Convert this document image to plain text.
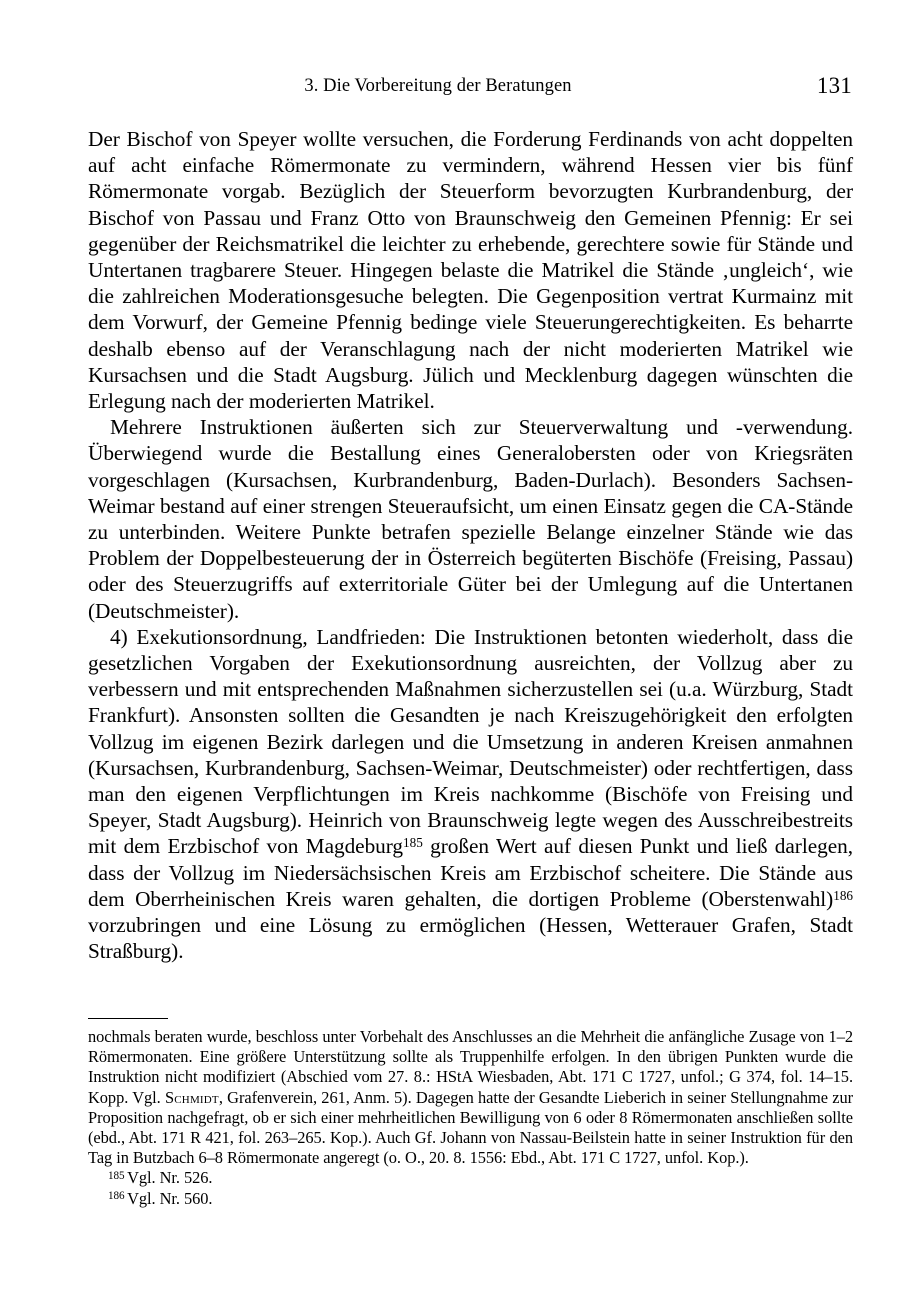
3. Die Vorbereitung der Beratungen	131

Der Bischof von Speyer wollte versuchen, die Forderung Ferdinands von acht doppelten auf acht einfache Römermonate zu vermindern, während Hessen vier bis fünf Römermonate vorgab. Bezüglich der Steuerform bevorzugten Kurbrandenburg, der Bischof von Passau und Franz Otto von Braunschweig den Gemeinen Pfennig: Er sei gegenüber der Reichsmatrikel die leichter zu erhebende, gerechtere sowie für Stände und Untertanen tragbarere Steuer. Hingegen belaste die Matrikel die Stände ‚ungleich‘, wie die zahlreichen Moderationsgesuche belegten. Die Gegenposition vertrat Kurmainz mit dem Vorwurf, der Gemeine Pfennig bedinge viele Steuerungerechtigkeiten. Es beharrte deshalb ebenso auf der Veranschlagung nach der nicht moderierten Matrikel wie Kursachsen und die Stadt Augsburg. Jülich und Mecklenburg dagegen wünschten die Erlegung nach der moderierten Matrikel.

Mehrere Instruktionen äußerten sich zur Steuerverwaltung und -verwendung. Überwiegend wurde die Bestallung eines Generalobersten oder von Kriegsräten vorgeschlagen (Kursachsen, Kurbrandenburg, Baden-Durlach). Besonders Sachsen-Weimar bestand auf einer strengen Steueraufsicht, um einen Einsatz gegen die CA-Stände zu unterbinden. Weitere Punkte betrafen spezielle Belange einzelner Stände wie das Problem der Doppelbesteuerung der in Österreich begüterten Bischöfe (Freising, Passau) oder des Steuerzugriffs auf exterritoriale Güter bei der Umlegung auf die Untertanen (Deutschmeister).

4) Exekutionsordnung, Landfrieden: Die Instruktionen betonten wiederholt, dass die gesetzlichen Vorgaben der Exekutionsordnung ausreichten, der Vollzug aber zu verbessern und mit entsprechenden Maßnahmen sicherzustellen sei (u.a. Würzburg, Stadt Frankfurt). Ansonsten sollten die Gesandten je nach Kreiszugehörigkeit den erfolgten Vollzug im eigenen Bezirk darlegen und die Umsetzung in anderen Kreisen anmahnen (Kursachsen, Kurbrandenburg, Sachsen-Weimar, Deutschmeister) oder rechtfertigen, dass man den eigenen Verpflichtungen im Kreis nachkomme (Bischöfe von Freising und Speyer, Stadt Augsburg). Heinrich von Braunschweig legte wegen des Ausschreibestreits mit dem Erzbischof von Magdeburg$^{185}$ großen Wert auf diesen Punkt und ließ darlegen, dass der Vollzug im Niedersächsischen Kreis am Erzbischof scheitere. Die Stände aus dem Oberrheinischen Kreis waren gehalten, die dortigen Probleme (Oberstenwahl)$^{186}$ vorzubringen und eine Lösung zu ermöglichen (Hessen, Wetterauer Grafen, Stadt Straßburg).

nochmals beraten wurde, beschloss unter Vorbehalt des Anschlusses an die Mehrheit die anfängliche Zusage von 1–2 Römermonaten. Eine größere Unterstützung sollte als Truppenhilfe erfolgen. In den übrigen Punkten wurde die Instruktion nicht modifiziert (Abschied vom 27. 8.: HStA Wiesbaden, Abt. 171 C 1727, unfol.; G 374, fol. 14–15. Kopp. Vgl. Schmidt, Grafenverein, 261, Anm. 5). Dagegen hatte der Gesandte Lieberich in seiner Stellungnahme zur Proposition nachgefragt, ob er sich einer mehrheitlichen Bewilligung von 6 oder 8 Römermonaten anschließen sollte (ebd., Abt. 171 R 421, fol. 263–265. Kop.). Auch Gf. Johann von Nassau-Beilstein hatte in seiner Instruktion für den Tag in Butzbach 6–8 Römermonate angeregt (o. O., 20. 8. 1556: Ebd., Abt. 171 C 1727, unfol. Kop.).

$^{185}$ Vgl. Nr. 526.

$^{186}$ Vgl. Nr. 560.
